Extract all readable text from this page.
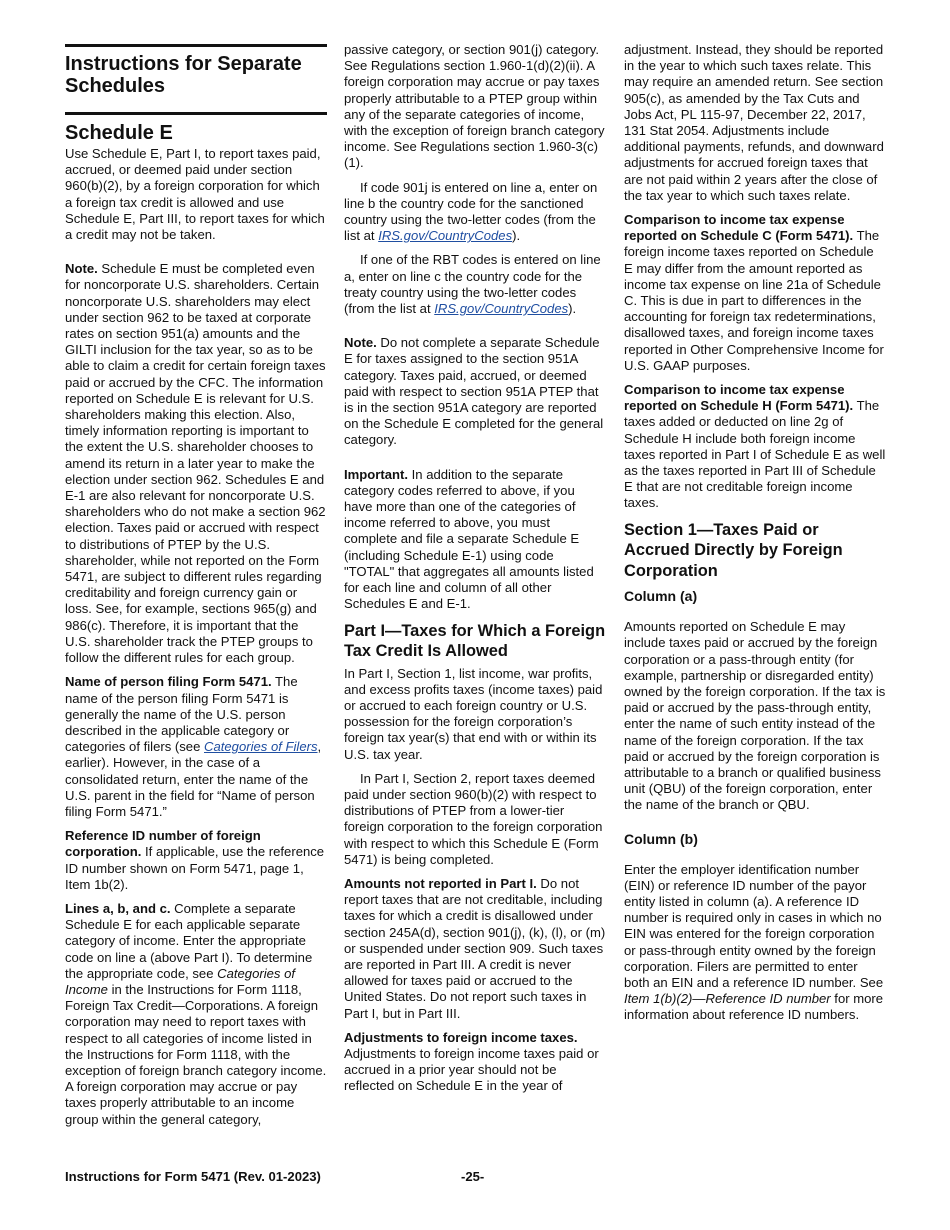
Instructions for Separate Schedules
Schedule E

Use Schedule E, Part I, to report taxes paid, accrued, or deemed paid under section 960(b)(2), by a foreign corporation for which a foreign tax credit is allowed and use Schedule E, Part III, to report taxes for which a credit may not be taken.

Note. Schedule E must be completed even for noncorporate U.S. shareholders. Certain noncorporate U.S. shareholders may elect under section 962 to be taxed at corporate rates on section 951(a) amounts and the GILTI inclusion for the tax year, so as to be able to claim a credit for certain foreign taxes paid or accrued by the CFC. The information reported on Schedule E is relevant for U.S. shareholders making this election. Also, timely information reporting is important to the extent the U.S. shareholder chooses to amend its return in a later year to make the election under section 962. Schedules E and E-1 are also relevant for noncorporate U.S. shareholders who do not make a section 962 election. Taxes paid or accrued with respect to distributions of PTEP by the U.S. shareholder, while not reported on the Form 5471, are subject to different rules regarding creditability and foreign currency gain or loss. See, for example, sections 965(g) and 986(c). Therefore, it is important that the U.S. shareholder track the PTEP groups to follow the different rules for each group.

Name of person filing Form 5471. The name of the person filing Form 5471 is generally the name of the U.S. person described in the applicable category or categories of filers (see Categories of Filers, earlier). However, in the case of a consolidated return, enter the name of the U.S. parent in the field for “Name of person filing Form 5471.”

Reference ID number of foreign corporation. If applicable, use the reference ID number shown on Form 5471, page 1, Item 1b(2).

Lines a, b, and c. Complete a separate Schedule E for each applicable separate category of income. Enter the appropriate code on line a (above Part I). To determine the appropriate code, see Categories of Income in the Instructions for Form 1118, Foreign Tax Credit—Corporations. A foreign corporation may need to report taxes with respect to all categories of income listed in the Instructions for Form 1118, with the exception of foreign branch category income. A foreign corporation may accrue or pay taxes properly attributable to an income group within the general category,

passive category, or section 901(j) category. See Regulations section 1.960-1(d)(2)(ii). A foreign corporation may accrue or pay taxes properly attributable to a PTEP group within any of the separate categories of income, with the exception of foreign branch category income. See Regulations section 1.960-3(c)(1).

If code 901j is entered on line a, enter on line b the country code for the sanctioned country using the two-letter codes (from the list at IRS.gov/CountryCodes).

If one of the RBT codes is entered on line a, enter on line c the country code for the treaty country using the two-letter codes (from the list at IRS.gov/CountryCodes).

Note. Do not complete a separate Schedule E for taxes assigned to the section 951A category. Taxes paid, accrued, or deemed paid with respect to section 951A PTEP that is in the section 951A category are reported on the Schedule E completed for the general category.

Important. In addition to the separate category codes referred to above, if you have more than one of the categories of income referred to above, you must complete and file a separate Schedule E (including Schedule E-1) using code "TOTAL" that aggregates all amounts listed for each line and column of all other Schedules E and E-1.

Part I—Taxes for Which a Foreign Tax Credit Is Allowed

In Part I, Section 1, list income, war profits, and excess profits taxes (income taxes) paid or accrued to each foreign country or U.S. possession for the foreign corporation’s foreign tax year(s) that end with or within its U.S. tax year.

In Part I, Section 2, report taxes deemed paid under section 960(b)(2) with respect to distributions of PTEP from a lower-tier foreign corporation to the foreign corporation with respect to which this Schedule E (Form 5471) is being completed.

Amounts not reported in Part I. Do not report taxes that are not creditable, including taxes for which a credit is disallowed under section 245A(d), section 901(j), (k), (l), or (m) or suspended under section 909. Such taxes are reported in Part III. A credit is never allowed for taxes paid or accrued to the United States. Do not report such taxes in Part I, but in Part III.

Adjustments to foreign income taxes. Adjustments to foreign income taxes paid or accrued in a prior year should not be reflected on Schedule E in the year of

adjustment. Instead, they should be reported in the year to which such taxes relate. This may require an amended return. See section 905(c), as amended by the Tax Cuts and Jobs Act, PL 115-97, December 22, 2017, 131 Stat 2054. Adjustments include additional payments, refunds, and downward adjustments for accrued foreign taxes that are not paid within 2 years after the close of the tax year to which such taxes relate.

Comparison to income tax expense reported on Schedule C (Form 5471). The foreign income taxes reported on Schedule E may differ from the amount reported as income tax expense on line 21a of Schedule C. This is due in part to differences in the accounting for foreign tax redeterminations, disallowed taxes, and foreign income taxes reported in Other Comprehensive Income for U.S. GAAP purposes.

Comparison to income tax expense reported on Schedule H (Form 5471). The taxes added or deducted on line 2g of Schedule H include both foreign income taxes reported in Part I of Schedule E as well as the taxes reported in Part III of Schedule E that are not creditable foreign income taxes.

Section 1—Taxes Paid or Accrued Directly by Foreign Corporation
Column (a)

Amounts reported on Schedule E may include taxes paid or accrued by the foreign corporation or a pass-through entity (for example, partnership or disregarded entity) owned by the foreign corporation. If the tax is paid or accrued by the pass-through entity, enter the name of such entity instead of the name of the foreign corporation. If the tax paid or accrued by the foreign corporation is attributable to a branch or qualified business unit (QBU) of the foreign corporation, enter the name of the branch or QBU.

Column (b)

Enter the employer identification number (EIN) or reference ID number of the payor entity listed in column (a). A reference ID number is required only in cases in which no EIN was entered for the foreign corporation or pass-through entity owned by the foreign corporation. Filers are permitted to enter both an EIN and a reference ID number. See Item 1(b)(2)—Reference ID number for more information about reference ID numbers.

Instructions for Form 5471 (Rev. 01-2023)	-25-
